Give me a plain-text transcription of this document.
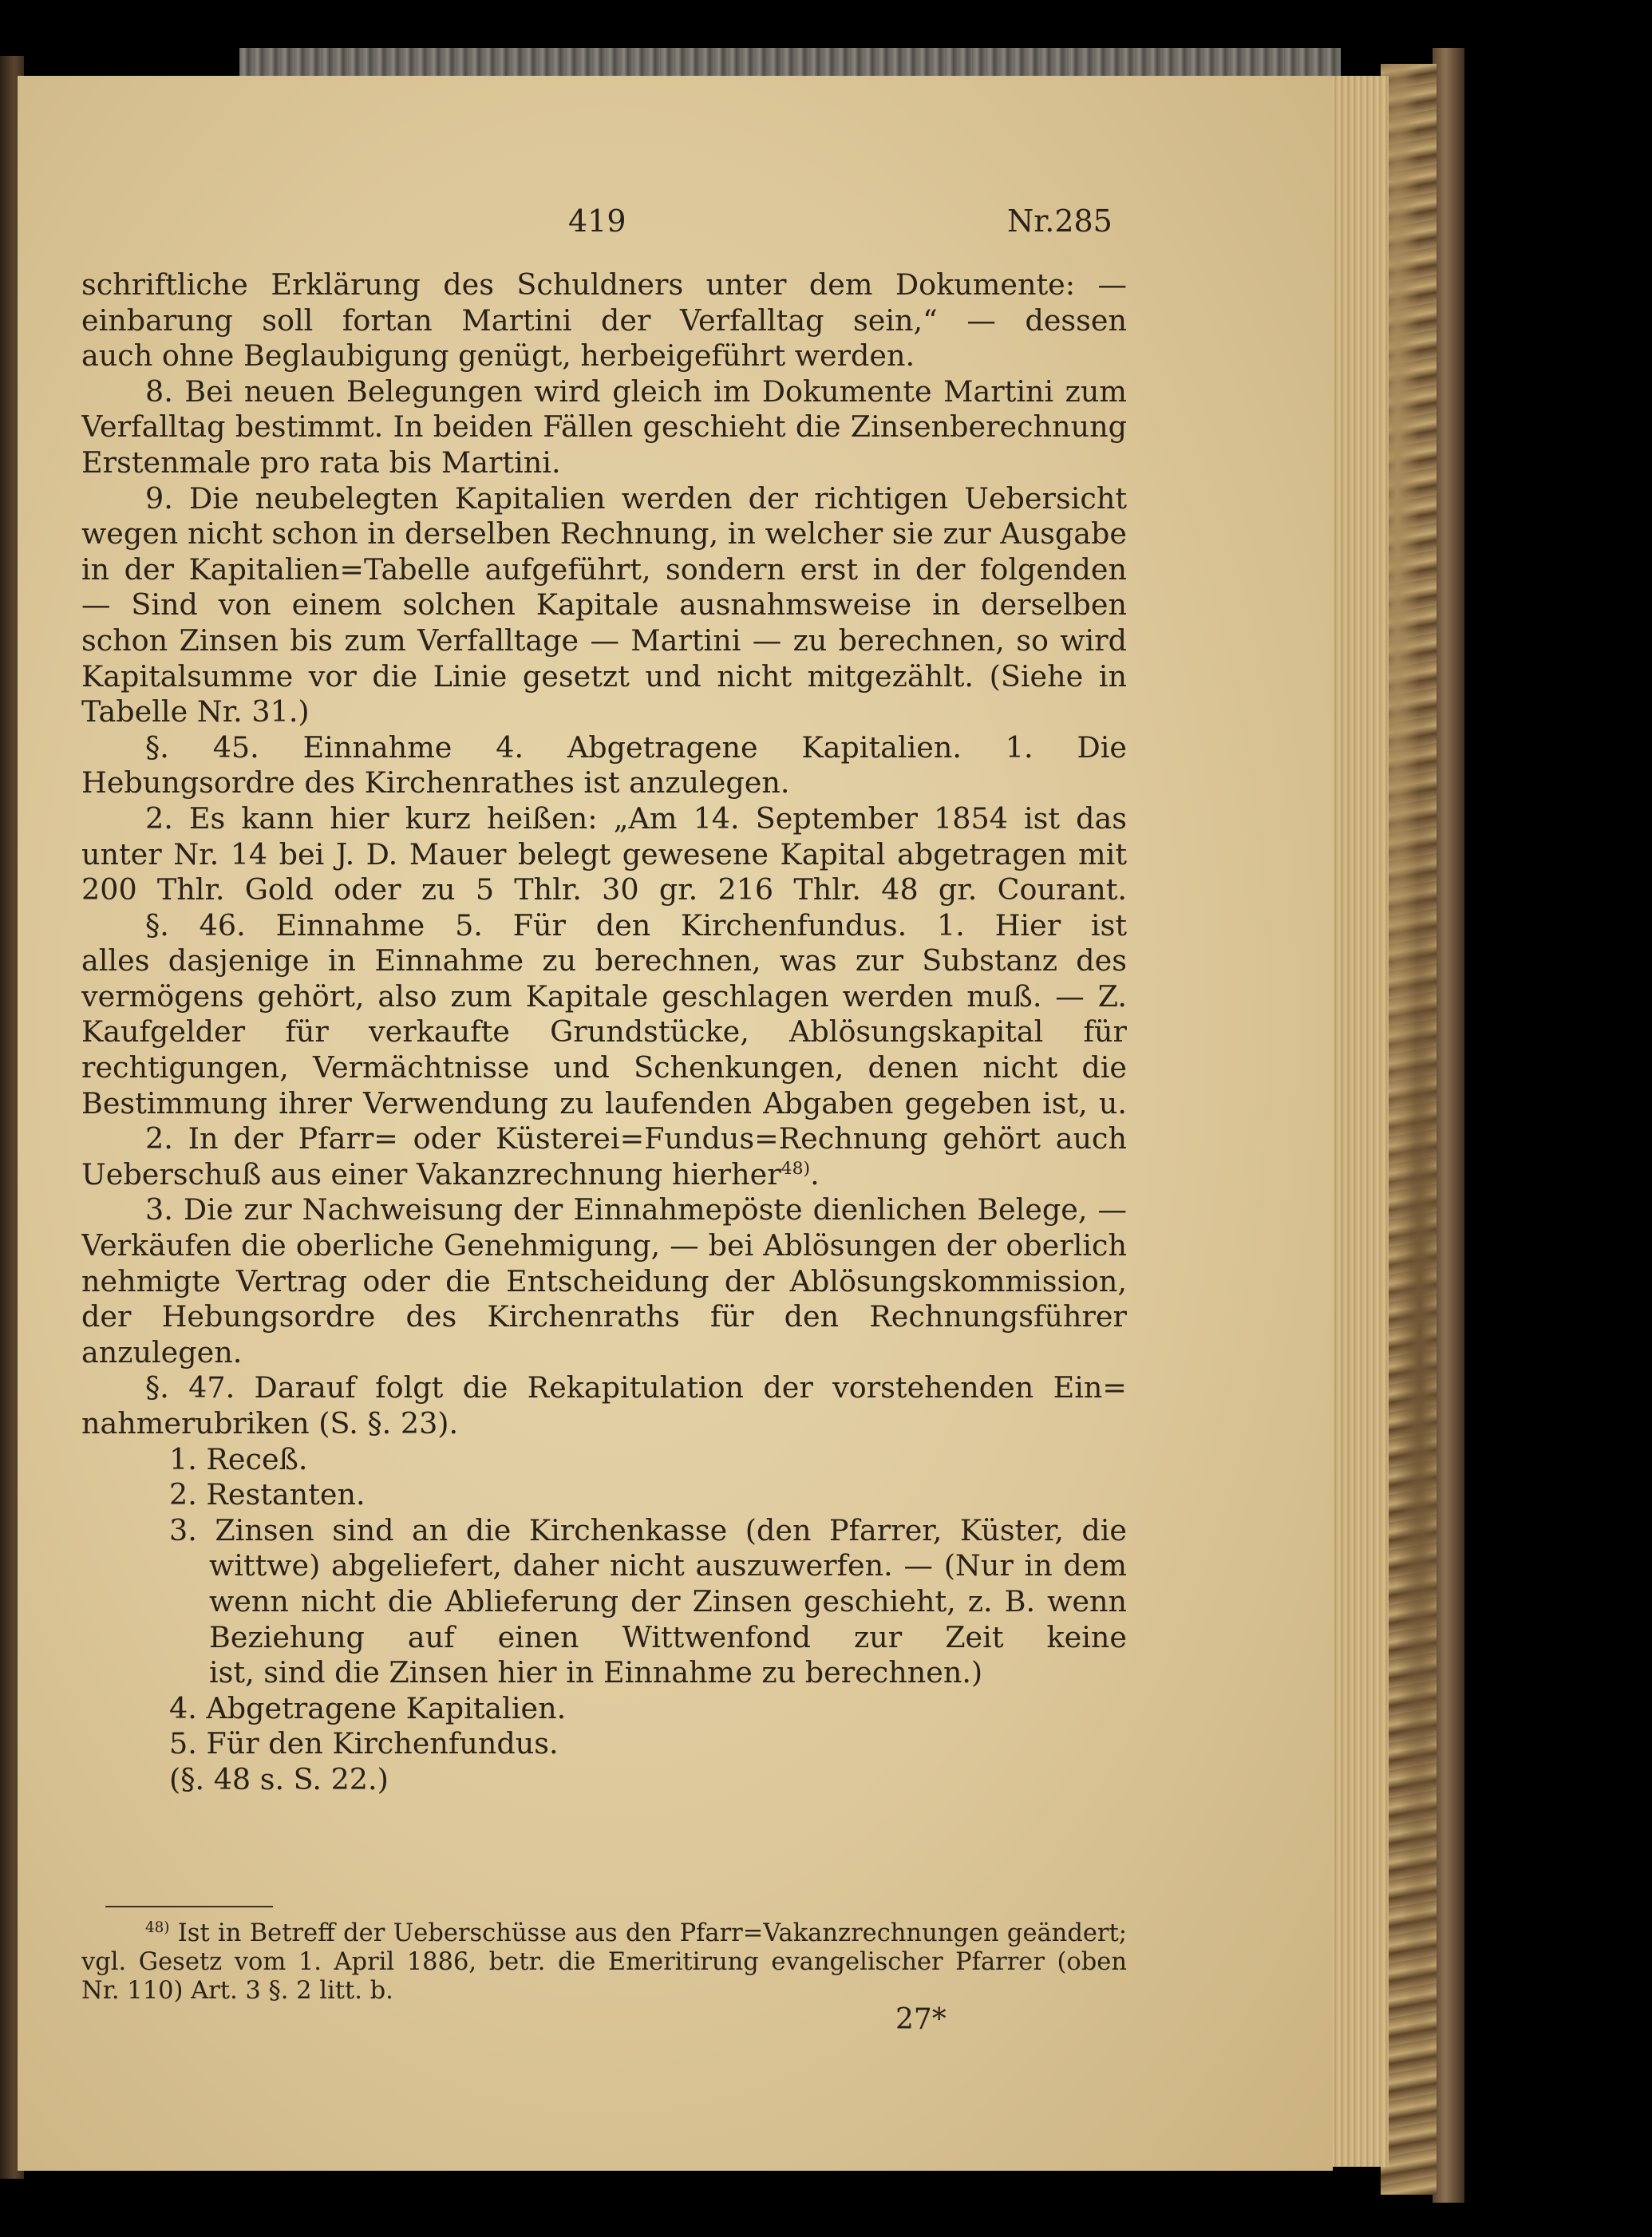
419	Nr.285
schriftliche Erklärung des Schuldners unter dem Dokumente: —
einbarung soll fortan Martini der Verfalltag sein,“ — dessen
auch ohne Beglaubigung genügt, herbeigeführt werden.
8. Bei neuen Belegungen wird gleich im Dokumente Martini zum
Verfalltag bestimmt. In beiden Fällen geschieht die Zinsenberechnung
Erstenmale pro rata bis Martini.
9. Die neubelegten Kapitalien werden der richtigen Uebersicht
wegen nicht schon in derselben Rechnung, in welcher sie zur Ausgabe
in der Kapitalien=Tabelle aufgeführt, sondern erst in der folgenden
— Sind von einem solchen Kapitale ausnahmsweise in derselben
schon Zinsen bis zum Verfalltage — Martini — zu berechnen, so wird
Kapitalsumme vor die Linie gesetzt und nicht mitgezählt. (Siehe in
Tabelle Nr. 31.)
§. 45. Einnahme 4. Abgetragene Kapitalien. 1. Die
Hebungsordre des Kirchenrathes ist anzulegen.
2. Es kann hier kurz heißen: „Am 14. September 1854 ist das
unter Nr. 14 bei J. D. Mauer belegt gewesene Kapital abgetragen mit
200 Thlr. Gold oder zu 5 Thlr. 30 gr. 216 Thlr. 48 gr. Courant.
§. 46. Einnahme 5. Für den Kirchenfundus. 1. Hier ist
alles dasjenige in Einnahme zu berechnen, was zur Substanz des
vermögens gehört, also zum Kapitale geschlagen werden muß. — Z.
Kaufgelder für verkaufte Grundstücke, Ablösungskapital für
rechtigungen, Vermächtnisse und Schenkungen, denen nicht die
Bestimmung ihrer Verwendung zu laufenden Abgaben gegeben ist, u.
2. In der Pfarr= oder Küsterei=Fundus=Rechnung gehört auch
Ueberschuß aus einer Vakanzrechnung hierher$^{48)}$.
3. Die zur Nachweisung der Einnahmepöste dienlichen Belege, —
Verkäufen die oberliche Genehmigung, — bei Ablösungen der oberlich
nehmigte Vertrag oder die Entscheidung der Ablösungskommission,
der Hebungsordre des Kirchenraths für den Rechnungsführer
anzulegen.
§. 47. Darauf folgt die Rekapitulation der vorstehenden Ein=
nahmerubriken (S. §. 23).
1. Receß.
2. Restanten.
3. Zinsen sind an die Kirchenkasse (den Pfarrer, Küster, die
wittwe) abgeliefert, daher nicht auszuwerfen. — (Nur in dem
wenn nicht die Ablieferung der Zinsen geschieht, z. B. wenn
Beziehung auf einen Wittwenfond zur Zeit keine
ist, sind die Zinsen hier in Einnahme zu berechnen.)
4. Abgetragene Kapitalien.
5. Für den Kirchenfundus.
(§. 48 s. S. 22.)
$^{48)}$ Ist in Betreff der Ueberschüsse aus den Pfarr=Vakanzrechnungen geändert;
vgl. Gesetz vom 1. April 1886, betr. die Emeritirung evangelischer Pfarrer (oben
Nr. 110) Art. 3 §. 2 litt. b.
27*
